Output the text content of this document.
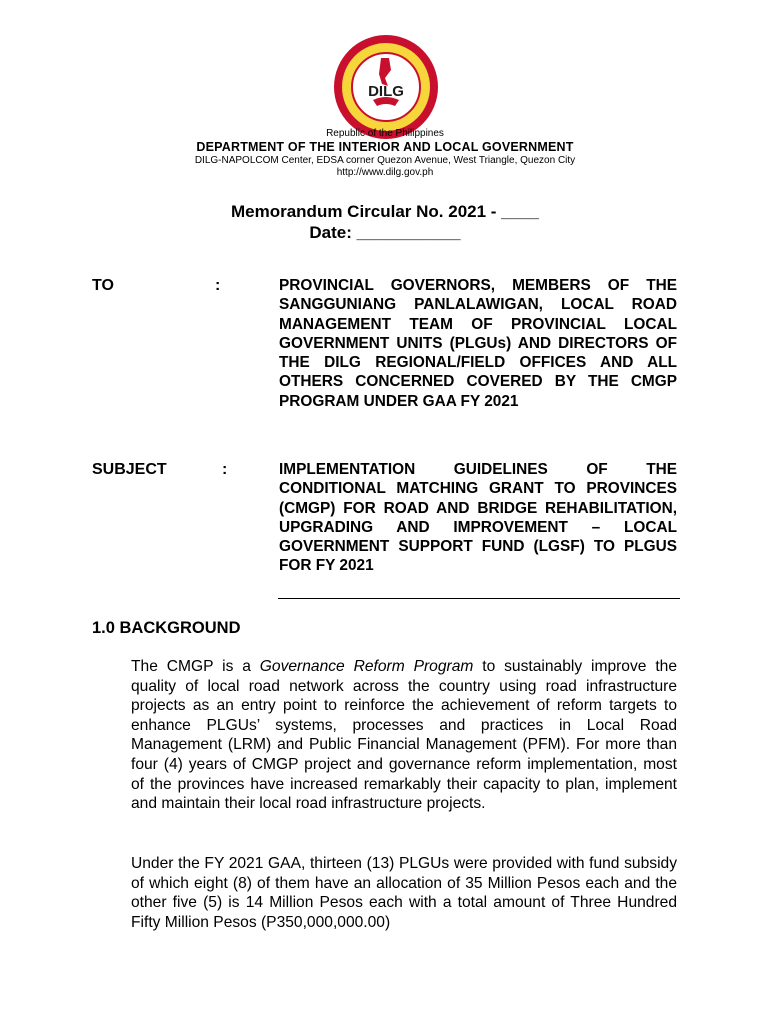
DILG
Republic of the Philippines
DEPARTMENT OF THE INTERIOR AND LOCAL GOVERNMENT
DILG-NAPOLCOM Center, EDSA corner Quezon Avenue, West Triangle, Quezon City
http://www.dilg.gov.ph
Memorandum Circular No. 2021 - ____
Date: ___________
TO	:	PROVINCIAL GOVERNORS, MEMBERS OF THE SANGGUNIANG PANLALAWIGAN, LOCAL ROAD MANAGEMENT TEAM OF PROVINCIAL LOCAL GOVERNMENT UNITS (PLGUs) AND DIRECTORS OF THE DILG REGIONAL/FIELD OFFICES AND ALL OTHERS CONCERNED COVERED BY THE CMGP PROGRAM UNDER GAA FY 2021
SUBJECT	:	IMPLEMENTATION GUIDELINES OF THE CONDITIONAL MATCHING GRANT TO PROVINCES (CMGP) FOR ROAD AND BRIDGE REHABILITATION, UPGRADING AND IMPROVEMENT – LOCAL GOVERNMENT SUPPORT FUND (LGSF) TO PLGUS FOR FY 2021
1.0 BACKGROUND
The CMGP is a Governance Reform Program to sustainably improve the quality of local road network across the country using road infrastructure projects as an entry point to reinforce the achievement of reform targets to enhance PLGUs’ systems, processes and practices in Local Road Management (LRM) and Public Financial Management (PFM). For more than four (4) years of CMGP project and governance reform implementation, most of the provinces have increased remarkably their capacity to plan, implement and maintain their local road infrastructure projects.
Under the FY 2021 GAA, thirteen (13) PLGUs were provided with fund subsidy of which eight (8) of them have an allocation of 35 Million Pesos each and the other five (5) is 14 Million Pesos each with a total amount of Three Hundred Fifty Million Pesos (P350,000,000.00)
